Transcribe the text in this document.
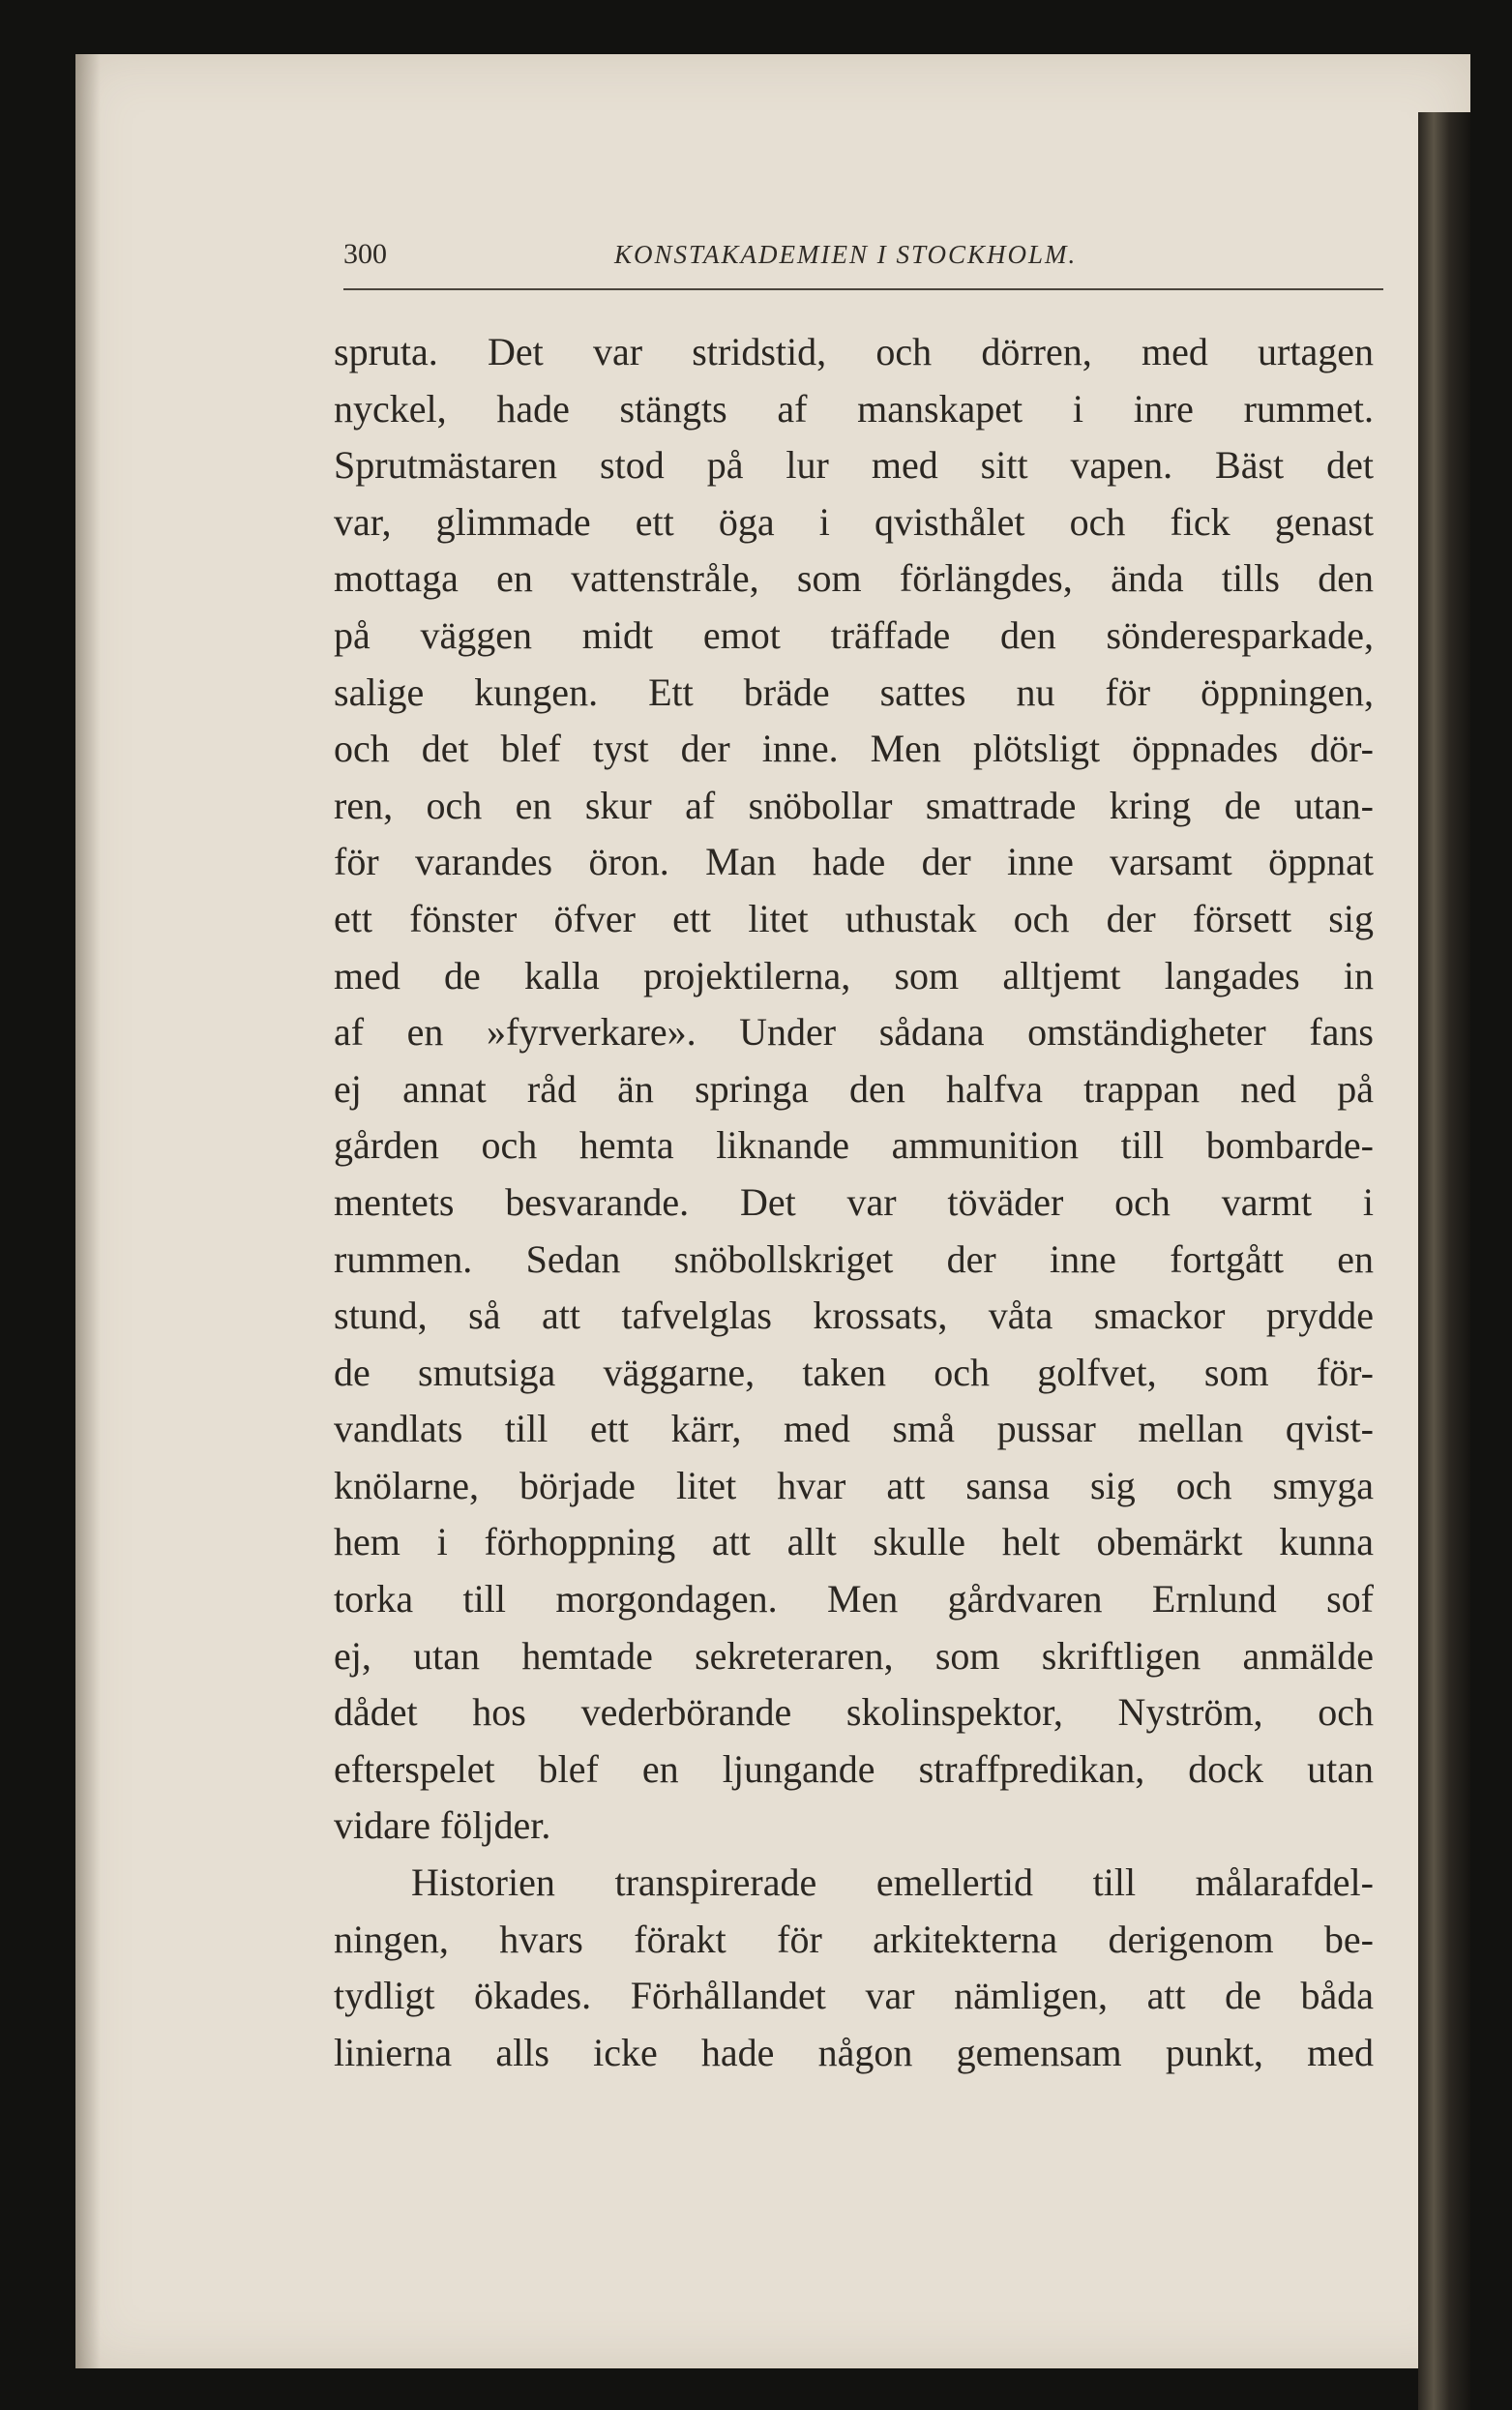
300	KONSTAKADEMIEN I STOCKHOLM.
spruta. Det var stridstid, och dörren, med urtagen
nyckel, hade stängts af manskapet i inre rummet.
Sprutmästaren stod på lur med sitt vapen. Bäst det
var, glimmade ett öga i qvisthålet och fick genast
mottaga en vattenstråle, som förlängdes, ända tills den
på väggen midt emot träffade den sönderesparkade,
salige kungen. Ett bräde sattes nu för öppningen,
och det blef tyst der inne. Men plötsligt öppnades dör-
ren, och en skur af snöbollar smattrade kring de utan-
för varandes öron. Man hade der inne varsamt öppnat
ett fönster öfver ett litet uthustak och der försett sig
med de kalla projektilerna, som alltjemt langades in
af en »fyrverkare». Under sådana omständigheter fans
ej annat råd än springa den halfva trappan ned på
gården och hemta liknande ammunition till bombarde-
mentets besvarande. Det var töväder och varmt i
rummen. Sedan snöbollskriget der inne fortgått en
stund, så att tafvelglas krossats, våta smackor prydde
de smutsiga väggarne, taken och golfvet, som för-
vandlats till ett kärr, med små pussar mellan qvist-
knölarne, började litet hvar att sansa sig och smyga
hem i förhoppning att allt skulle helt obemärkt kunna
torka till morgondagen. Men gårdvaren Ernlund sof
ej, utan hemtade sekreteraren, som skriftligen anmälde
dådet hos vederbörande skolinspektor, Nyström, och
efterspelet blef en ljungande straffpredikan, dock utan
vidare följder.
Historien transpirerade emellertid till målarafdel-
ningen, hvars förakt för arkitekterna derigenom be-
tydligt ökades. Förhållandet var nämligen, att de båda
linierna alls icke hade någon gemensam punkt, med
